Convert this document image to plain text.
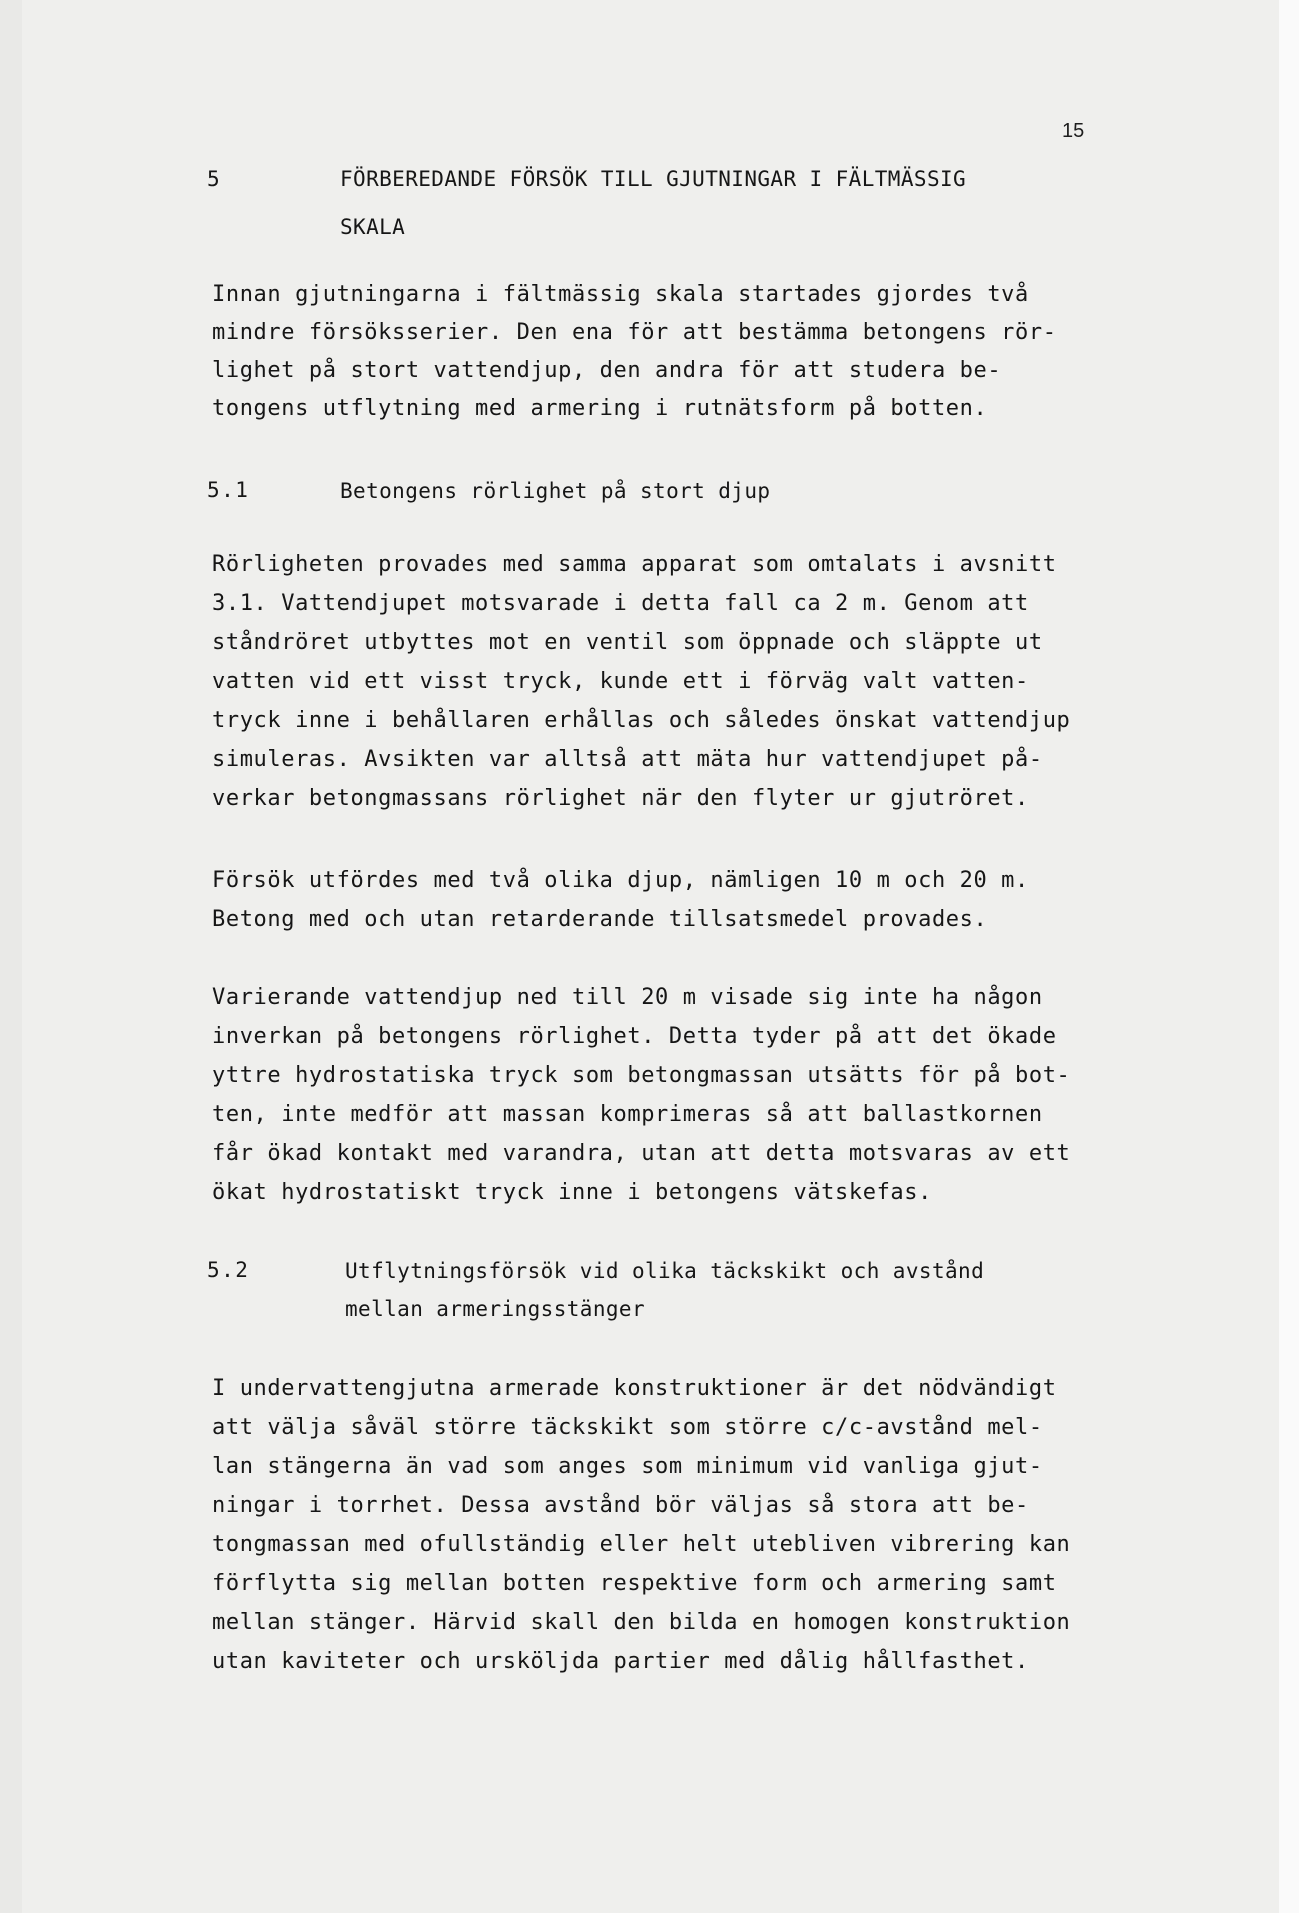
15
5	FÖRBEREDANDE FÖRSÖK TILL GJUTNINGAR I FÄLTMÄSSIG
SKALA
Innan gjutningarna i fältmässig skala startades gjordes två
mindre försöksserier. Den ena för att bestämma betongens rör-
lighet på stort vattendjup, den andra för att studera be-
tongens utflytning med armering i rutnätsform på botten.
5.1	Betongens rörlighet på stort djup
Rörligheten provades med samma apparat som omtalats i avsnitt
3.1. Vattendjupet motsvarade i detta fall ca 2 m. Genom att
ståndröret utbyttes mot en ventil som öppnade och släppte ut
vatten vid ett visst tryck, kunde ett i förväg valt vatten-
tryck inne i behållaren erhållas och således önskat vattendjup
simuleras. Avsikten var alltså att mäta hur vattendjupet på-
verkar betongmassans rörlighet när den flyter ur gjutröret.
Försök utfördes med två olika djup, nämligen 10 m och 20 m.
Betong med och utan retarderande tillsatsmedel provades.
Varierande vattendjup ned till 20 m visade sig inte ha någon
inverkan på betongens rörlighet. Detta tyder på att det ökade
yttre hydrostatiska tryck som betongmassan utsätts för på bot-
ten, inte medför att massan komprimeras så att ballastkornen
får ökad kontakt med varandra, utan att detta motsvaras av ett
ökat hydrostatiskt tryck inne i betongens vätskefas.
5.2	Utflytningsförsök vid olika täckskikt och avstånd
mellan armeringsstänger
I undervattengjutna armerade konstruktioner är det nödvändigt
att välja såväl större täckskikt som större c/c-avstånd mel-
lan stängerna än vad som anges som minimum vid vanliga gjut-
ningar i torrhet. Dessa avstånd bör väljas så stora att be-
tongmassan med ofullständig eller helt utebliven vibrering kan
förflytta sig mellan botten respektive form och armering samt
mellan stänger. Härvid skall den bilda en homogen konstruktion
utan kaviteter och ursköljda partier med dålig hållfasthet.
